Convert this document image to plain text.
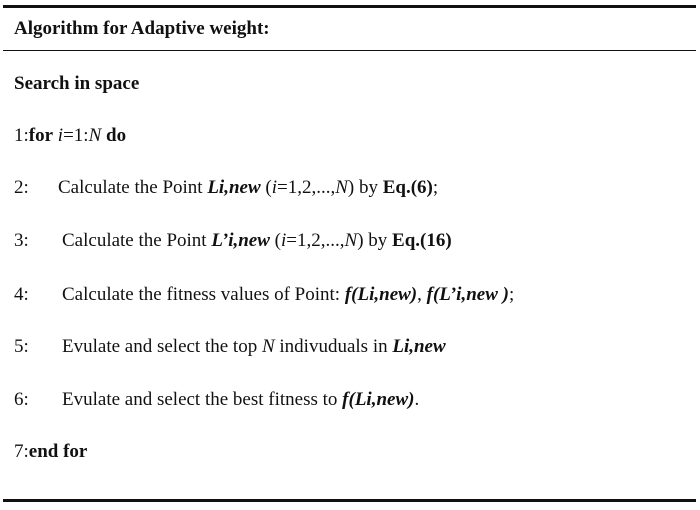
Algorithm for Adaptive weight:
Search in space
1:for i=1:N do
2: Calculate the Point Li,new (i=1,2,...,N) by Eq.(6);
3: Calculate the Point L’i,new (i=1,2,...,N) by Eq.(16)
4: Calculate the fitness values of Point: f(Li,new), f(L’i,new );
5: Evulate and select the top N indivuduals in Li,new
6: Evulate and select the best fitness to f(Li,new).
7:end for
